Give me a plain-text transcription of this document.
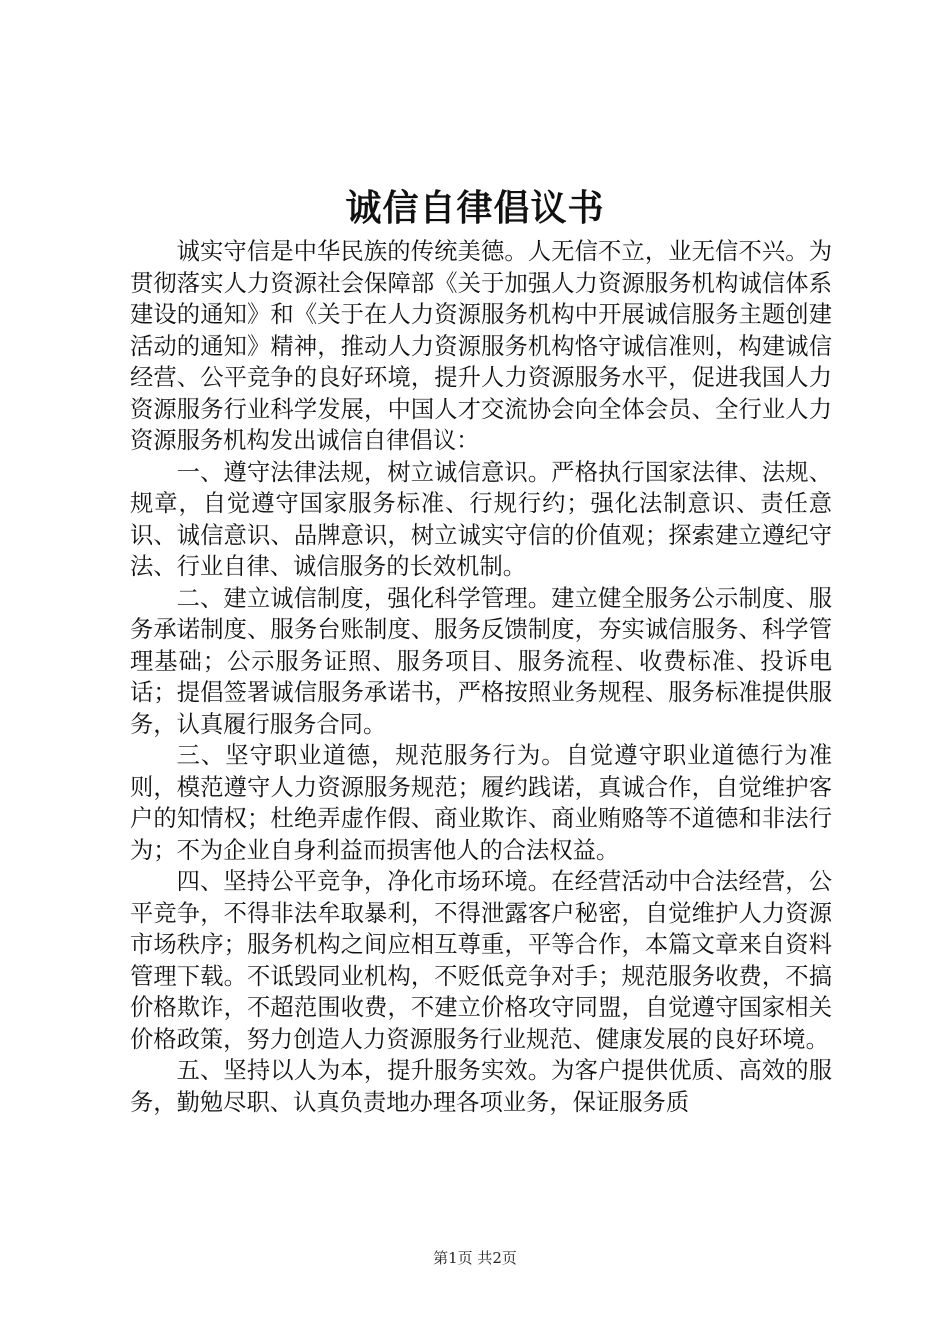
诚信自律倡议书

诚实守信是中华民族的传统美德。人无信不立，业无信不兴。为贯彻落实人力资源社会保障部《关于加强人力资源服务机构诚信体系建设的通知》和《关于在人力资源服务机构中开展诚信服务主题创建活动的通知》精神，推动人力资源服务机构恪守诚信准则，构建诚信经营、公平竞争的良好环境，提升人力资源服务水平，促进我国人力资源服务行业科学发展，中国人才交流协会向全体会员、全行业人力资源服务机构发出诚信自律倡议：

一、遵守法律法规，树立诚信意识。严格执行国家法律、法规、规章，自觉遵守国家服务标准、行规行约；强化法制意识、责任意识、诚信意识、品牌意识，树立诚实守信的价值观；探索建立遵纪守法、行业自律、诚信服务的长效机制。

二、建立诚信制度，强化科学管理。建立健全服务公示制度、服务承诺制度、服务台账制度、服务反馈制度，夯实诚信服务、科学管理基础；公示服务证照、服务项目、服务流程、收费标准、投诉电话；提倡签署诚信服务承诺书，严格按照业务规程、服务标准提供服务，认真履行服务合同。

三、坚守职业道德，规范服务行为。自觉遵守职业道德行为准则，模范遵守人力资源服务规范；履约践诺，真诚合作，自觉维护客户的知情权；杜绝弄虚作假、商业欺诈、商业贿赂等不道德和非法行为；不为企业自身利益而损害他人的合法权益。

四、坚持公平竞争，净化市场环境。在经营活动中合法经营，公平竞争，不得非法牟取暴利，不得泄露客户秘密，自觉维护人力资源市场秩序；服务机构之间应相互尊重，平等合作，本篇文章来自资料管理下载。不诋毁同业机构，不贬低竞争对手；规范服务收费，不搞价格欺诈，不超范围收费，不建立价格攻守同盟，自觉遵守国家相关价格政策，努力创造人力资源服务行业规范、健康发展的良好环境。

五、坚持以人为本，提升服务实效。为客户提供优质、高效的服务，勤勉尽职、认真负责地办理各项业务，保证服务质

第1页 共2页
